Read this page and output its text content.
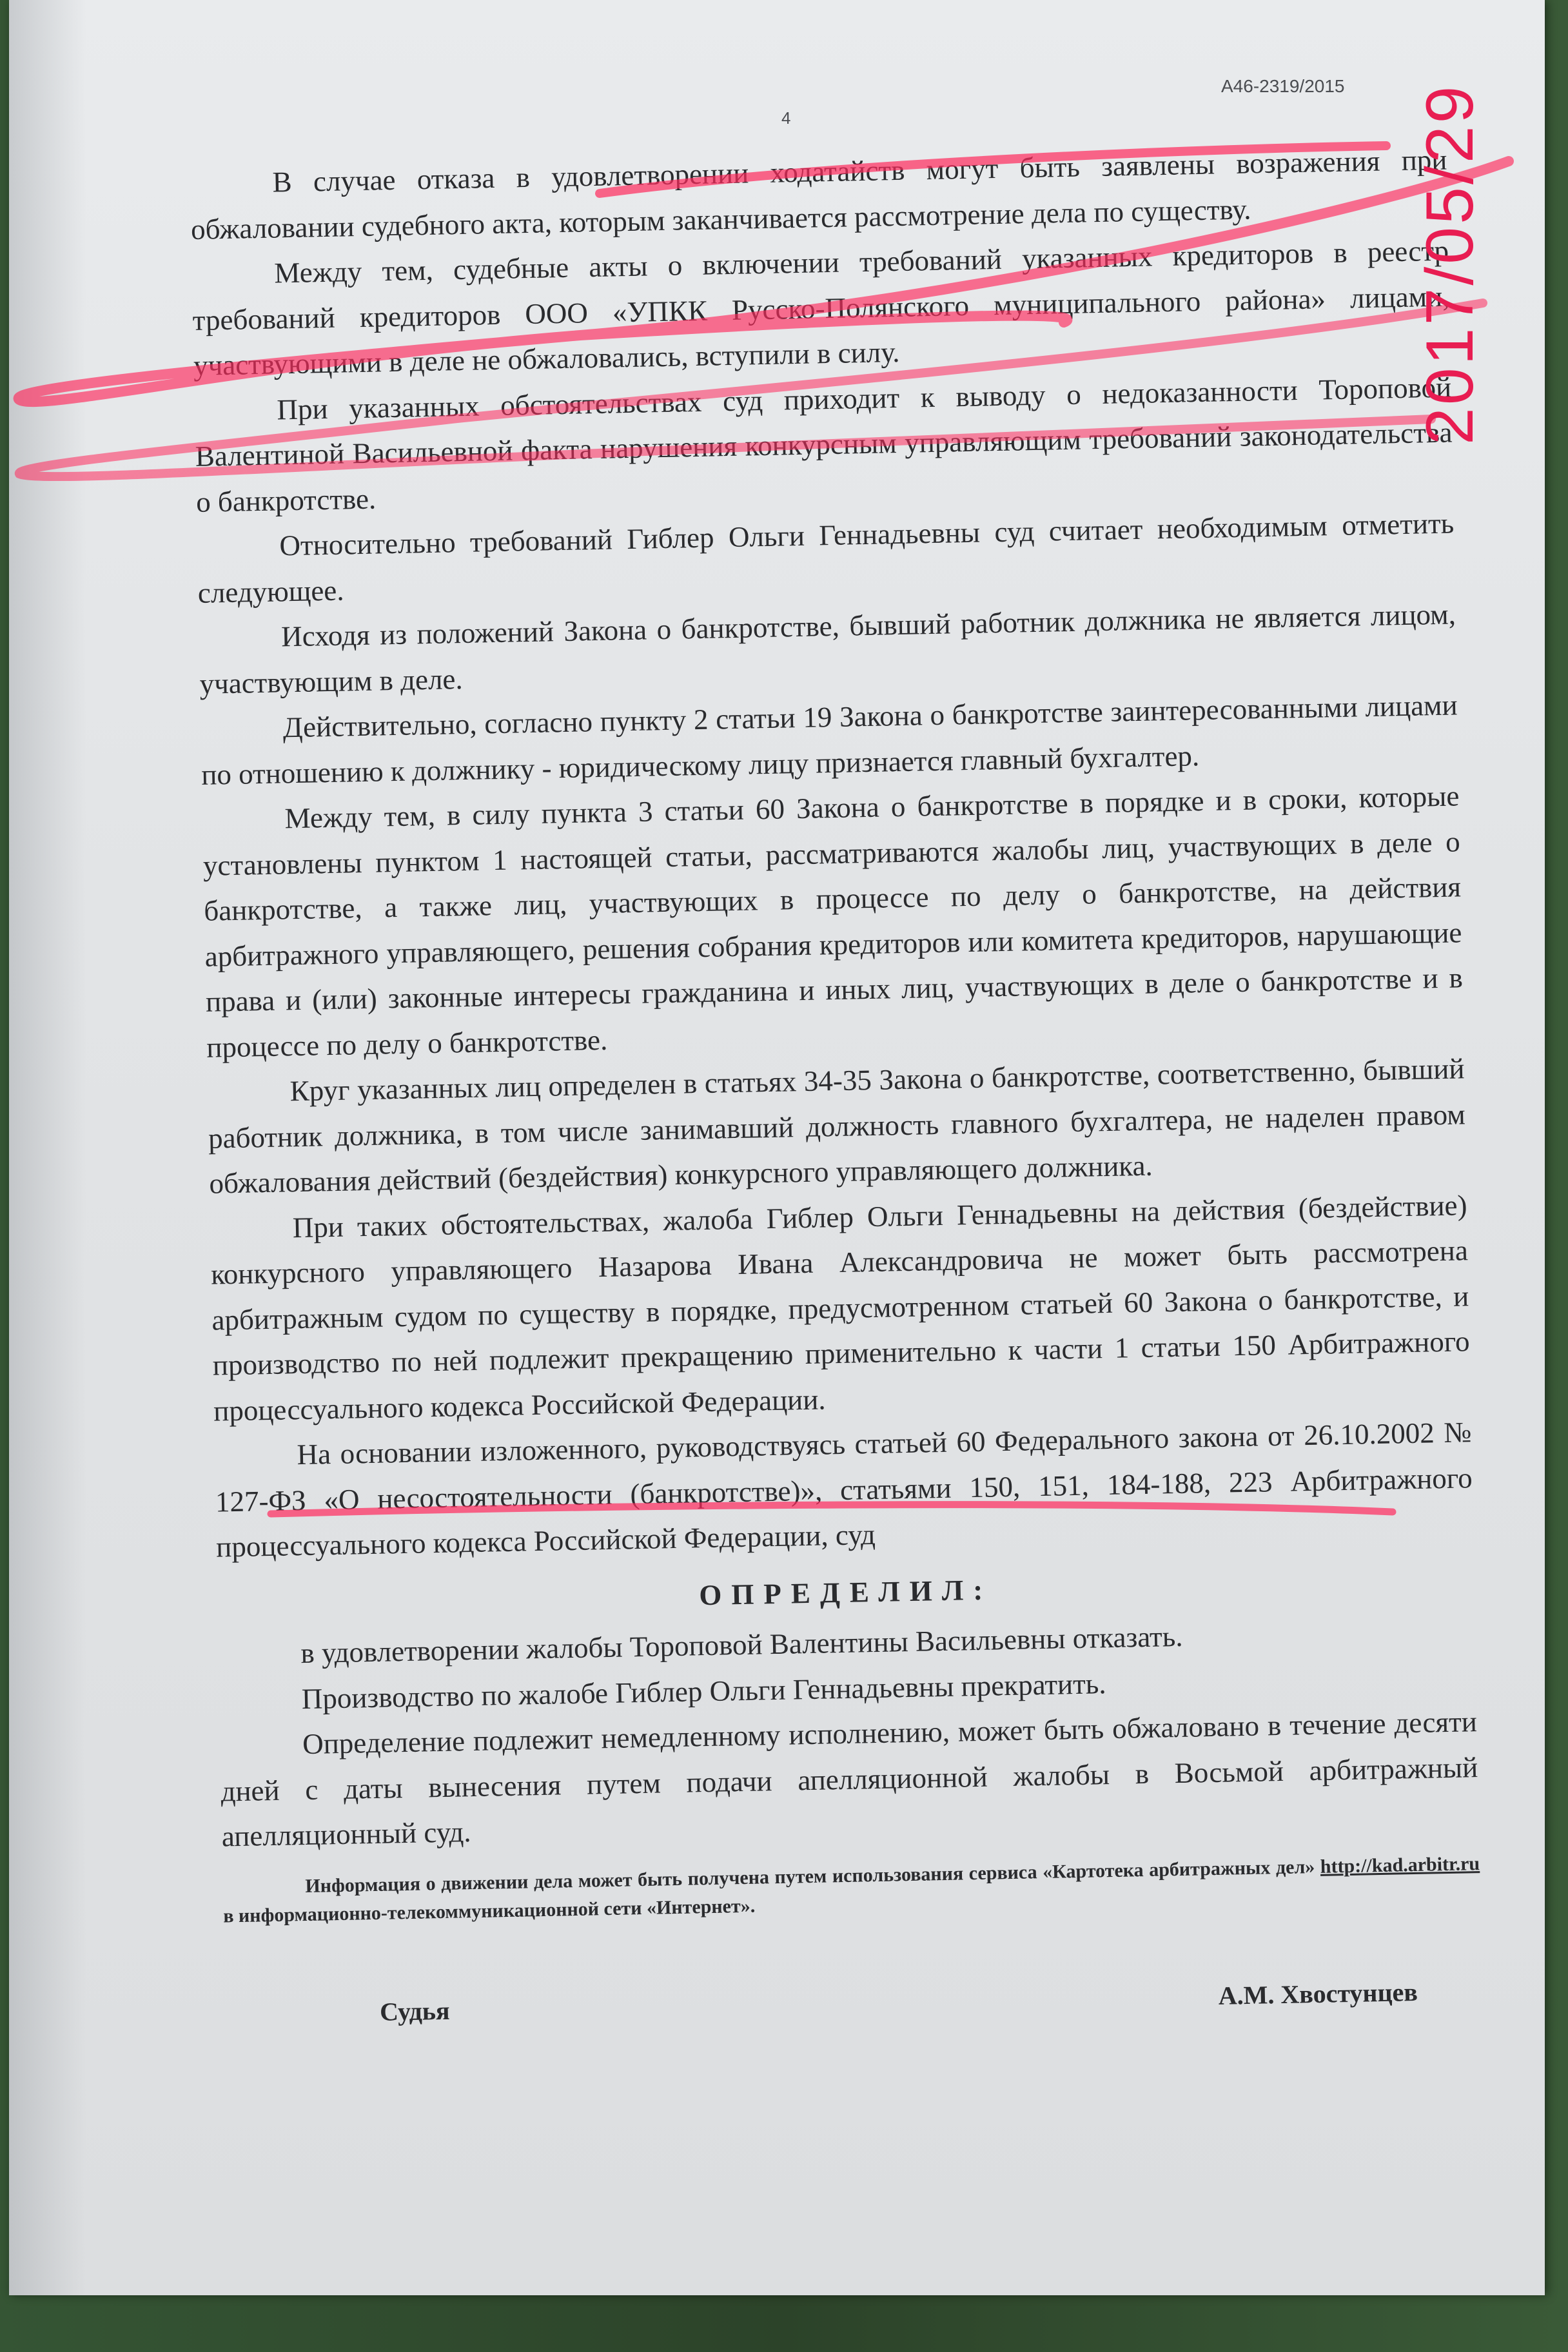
А46-2319/2015
4

В случае отказа в удовлетворении ходатайств могут быть заявлены возражения при обжаловании судебного акта, которым заканчивается рассмотрение дела по существу.

Между тем, судебные акты о включении требований указанных кредиторов в реестр требований кредиторов ООО «УПКК Русско-Полянского муниципального района» лицами, участвующими в деле не обжаловались, вступили в силу.

При указанных обстоятельствах суд приходит к выводу о недоказанности Тороповой Валентиной Васильевной факта нарушения конкурсным управляющим требований законодательства о банкротстве.

Относительно требований Гиблер Ольги Геннадьевны суд считает необходимым отметить следующее.

Исходя из положений Закона о банкротстве, бывший работник должника не является лицом, участвующим в деле.

Действительно, согласно пункту 2 статьи 19 Закона о банкротстве заинтересованными лицами по отношению к должнику - юридическому лицу признается главный бухгалтер.

Между тем, в силу пункта 3 статьи 60 Закона о банкротстве в порядке и в сроки, которые установлены пунктом 1 настоящей статьи, рассматриваются жалобы лиц, участвующих в деле о банкротстве, а также лиц, участвующих в процессе по делу о банкротстве, на действия арбитражного управляющего, решения собрания кредиторов или комитета кредиторов, нарушающие права и (или) законные интересы гражданина и иных лиц, участвующих в деле о банкротстве и в процессе по делу о банкротстве.

Круг указанных лиц определен в статьях 34-35 Закона о банкротстве, соответственно, бывший работник должника, в том числе занимавший должность главного бухгалтера, не наделен правом обжалования действий (бездействия) конкурсного управляющего должника.

При таких обстоятельствах, жалоба Гиблер Ольги Геннадьевны на действия (бездействие) конкурсного управляющего Назарова Ивана Александровича не может быть рассмотрена арбитражным судом по существу в порядке, предусмотренном статьей 60 Закона о банкротстве, и производство по ней подлежит прекращению применительно к части 1 статьи 150 Арбитражного процессуального кодекса Российской Федерации.

На основании изложенного, руководствуясь статьей 60 Федерального закона от 26.10.2002 № 127-ФЗ «О несостоятельности (банкротстве)», статьями 150, 151, 184-188, 223 Арбитражного процессуального кодекса Российской Федерации, суд

ОПРЕДЕЛИЛ:

в удовлетворении жалобы Тороповой Валентины Васильевны отказать.

Производство по жалобе Гиблер Ольги Геннадьевны прекратить.

Определение подлежит немедленному исполнению, может быть обжаловано в течение десяти дней с даты вынесения путем подачи апелляционной жалобы в Восьмой арбитражный апелляционный суд.

Информация о движении дела может быть получена путем использования сервиса «Картотека арбитражных дел» http://kad.arbitr.ru в информационно-телекоммуникационной сети «Интернет».

Судья
А.М. Хвостунцев
2017/05/29
